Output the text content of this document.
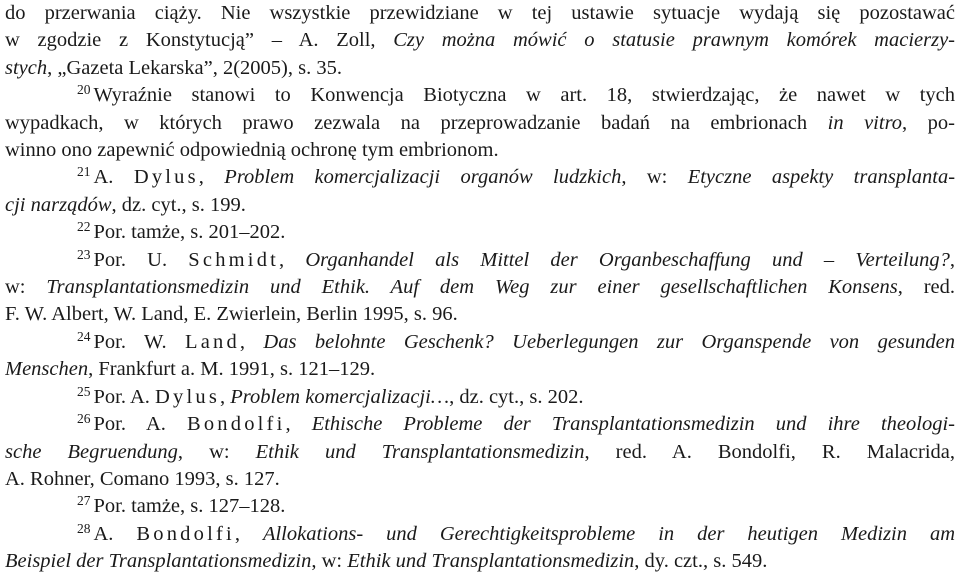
do przerwania ciąży. Nie wszystkie przewidziane w tej ustawie sytuacje wydają się pozostawać
w zgodzie z Konstytucją” – A. Zoll, Czy można mówić o statusie prawnym komórek macierzy-
stych, „Gazeta Lekarska”, 2(2005), s. 35.
$^{20}$ Wyraźnie stanowi to Konwencja Biotyczna w art. 18, stwierdzając, że nawet w tych
wypadkach, w których prawo zezwala na przeprowadzanie badań na embrionach in vitro, po-
winno ono zapewnić odpowiednią ochronę tym embrionom.
$^{21}$ A. Dylus, Problem komercjalizacji organów ludzkich, w: Etyczne aspekty transplanta-
cji narządów, dz. cyt., s. 199.
$^{22}$ Por. tamże, s. 201–202.
$^{23}$ Por. U. Schmidt, Organhandel als Mittel der Organbeschaffung und – Verteilung?,
w: Transplantationsmedizin und Ethik. Auf dem Weg zur einer gesellschaftlichen Konsens, red.
F. W. Albert, W. Land, E. Zwierlein, Berlin 1995, s. 96.
$^{24}$ Por. W. Land, Das belohnte Geschenk? Ueberlegungen zur Organspende von gesunden
Menschen, Frankfurt a. M. 1991, s. 121–129.
$^{25}$ Por. A. Dylus, Problem komercjalizacji…, dz. cyt., s. 202.
$^{26}$ Por. A. Bondolfi, Ethische Probleme der Transplantationsmedizin und ihre theologi-
sche Begruendung, w: Ethik und Transplantationsmedizin, red. A. Bondolfi, R. Malacrida,
A. Rohner, Comano 1993, s. 127.
$^{27}$ Por. tamże, s. 127–128.
$^{28}$ A. Bondolfi, Allokations- und Gerechtigkeitsprobleme in der heutigen Medizin am
Beispiel der Transplantationsmedizin, w: Ethik und Transplantationsmedizin, dy. czt., s. 549.
